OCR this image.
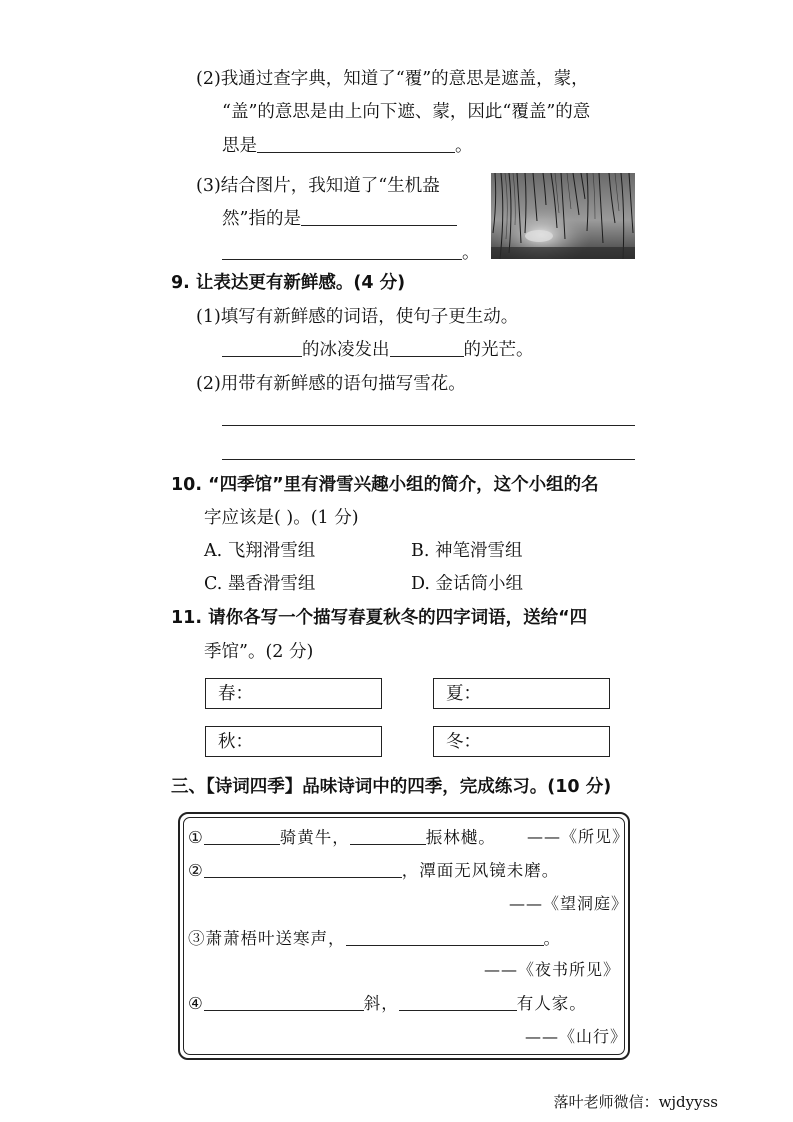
(2)我通过查字典，知道了“覆”的意思是遮盖，蒙，
“盖”的意思是由上向下遮、蒙，因此“覆盖”的意
思是	。
(3)结合图片，我知道了“生机盎
然”指的是
。
9. 让表达更有新鲜感。(4 分)
(1)填写有新鲜感的词语，使句子更生动。
的冰凌发出	的光芒。
(2)用带有新鲜感的语句描写雪花。
10. “四季馆”里有滑雪兴趣小组的简介，这个小组的名
字应该是( )。(1 分)
A. 飞翔滑雪组	B. 神笔滑雪组
C. 墨香滑雪组	D. 金话筒小组
11. 请你各写一个描写春夏秋冬的四字词语，送给“四
季馆”。(2 分)
春：	夏：
秋：	冬：
三、【诗词四季】品味诗词中的四季，完成练习。(10 分)
①	骑黄牛，	振林樾。 ——《所见》
②	，潭面无风镜未磨。
——《望洞庭》
③萧萧梧叶送寒声，	。
——《夜书所见》
④	斜，	有人家。
——《山行》
落叶老师微信：wjdyyss
